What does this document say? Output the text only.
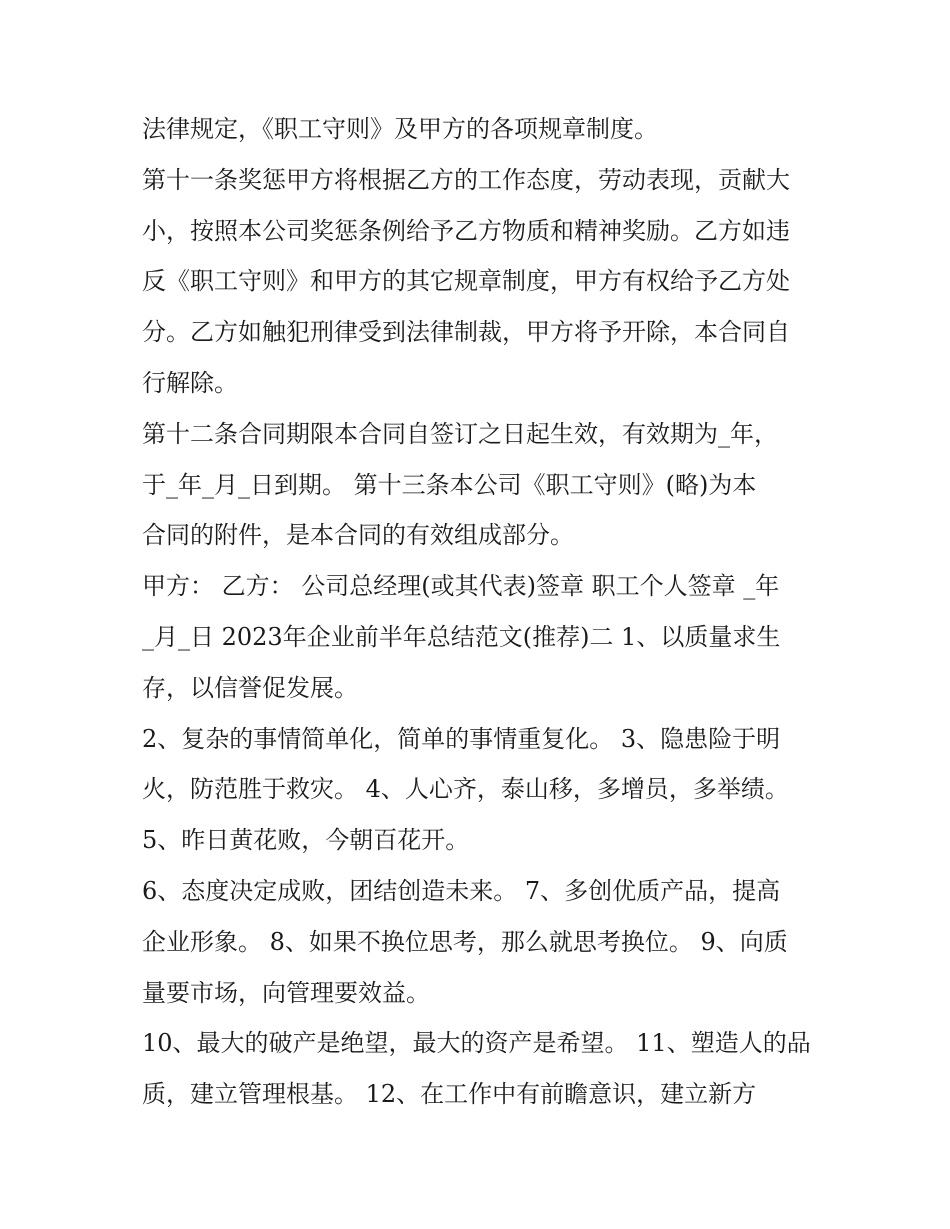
法律规定，《职工守则》及甲方的各项规章制度。
第十一条奖惩甲方将根据乙方的工作态度，劳动表现，贡献大
小，按照本公司奖惩条例给予乙方物质和精神奖励。乙方如违
反《职工守则》和甲方的其它规章制度，甲方有权给予乙方处
分。乙方如触犯刑律受到法律制裁，甲方将予开除，本合同自
行解除。
第十二条合同期限本合同自签订之日起生效，有效期为_年，
于_年_月_日到期。 第十三条本公司《职工守则》(略)为本
合同的附件，是本合同的有效组成部分。
甲方： 乙方： 公司总经理(或其代表)签章 职工个人签章 _年
_月_日 2023年企业前半年总结范文(推荐)二 1、以质量求生
存，以信誉促发展。
2、复杂的事情简单化，简单的事情重复化。 3、隐患险于明
火，防范胜于救灾。 4、人心齐，泰山移，多增员，多举绩。
5、昨日黄花败，今朝百花开。
6、态度决定成败，团结创造未来。 7、多创优质产品，提高
企业形象。 8、如果不换位思考，那么就思考换位。 9、向质
量要市场，向管理要效益。
10、最大的破产是绝望，最大的资产是希望。 11、塑造人的品
质，建立管理根基。 12、在工作中有前瞻意识，建立新方
